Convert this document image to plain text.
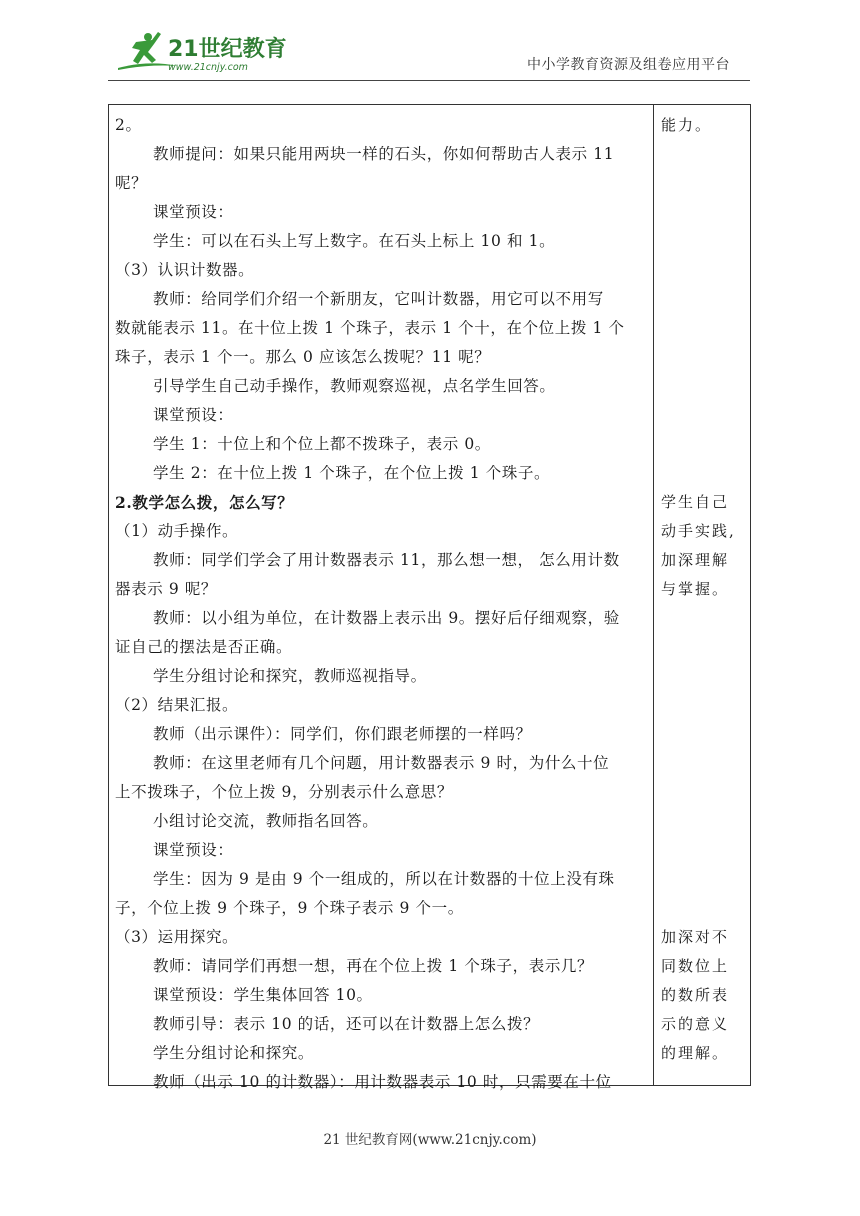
21世纪教育
www.21cnjy.com	中小学教育资源及组卷应用平台
2。
教师提问：如果只能用两块一样的石头，你如何帮助古人表示 11
呢？
课堂预设：
学生：可以在石头上写上数字。在石头上标上 10 和 1。
（3）认识计数器。
教师：给同学们介绍一个新朋友，它叫计数器，用它可以不用写
数就能表示 11。在十位上拨 1 个珠子，表示 1 个十，在个位上拨 1 个
珠子，表示 1 个一。那么 0 应该怎么拨呢？11 呢？
引导学生自己动手操作，教师观察巡视，点名学生回答。
课堂预设：
学生 1：十位上和个位上都不拨珠子，表示 0。
学生 2：在十位上拨 1 个珠子，在个位上拨 1 个珠子。
2.教学怎么拨，怎么写？
（1）动手操作。
教师：同学们学会了用计数器表示 11，那么想一想， 怎么用计数
器表示 9 呢？
教师：以小组为单位，在计数器上表示出 9。摆好后仔细观察，验
证自己的摆法是否正确。
学生分组讨论和探究，教师巡视指导。
（2）结果汇报。
教师（出示课件）：同学们，你们跟老师摆的一样吗？
教师：在这里老师有几个问题，用计数器表示 9 时，为什么十位
上不拨珠子，个位上拨 9，分别表示什么意思？
小组讨论交流，教师指名回答。
课堂预设：
学生：因为 9 是由 9 个一组成的，所以在计数器的十位上没有珠
子，个位上拨 9 个珠子，9 个珠子表示 9 个一。
（3）运用探究。
教师：请同学们再想一想，再在个位上拨 1 个珠子，表示几？
课堂预设：学生集体回答 10。
教师引导：表示 10 的话，还可以在计数器上怎么拨？
学生分组讨论和探究。
教师（出示 10 的计数器）：用计数器表示 10 时，只需要在十位
能力。
学生自己
动手实践,
加深理解
与掌握。
加深对不
同数位上
的数所表
示的意义
的理解。
21 世纪教育网(www.21cnjy.com)
